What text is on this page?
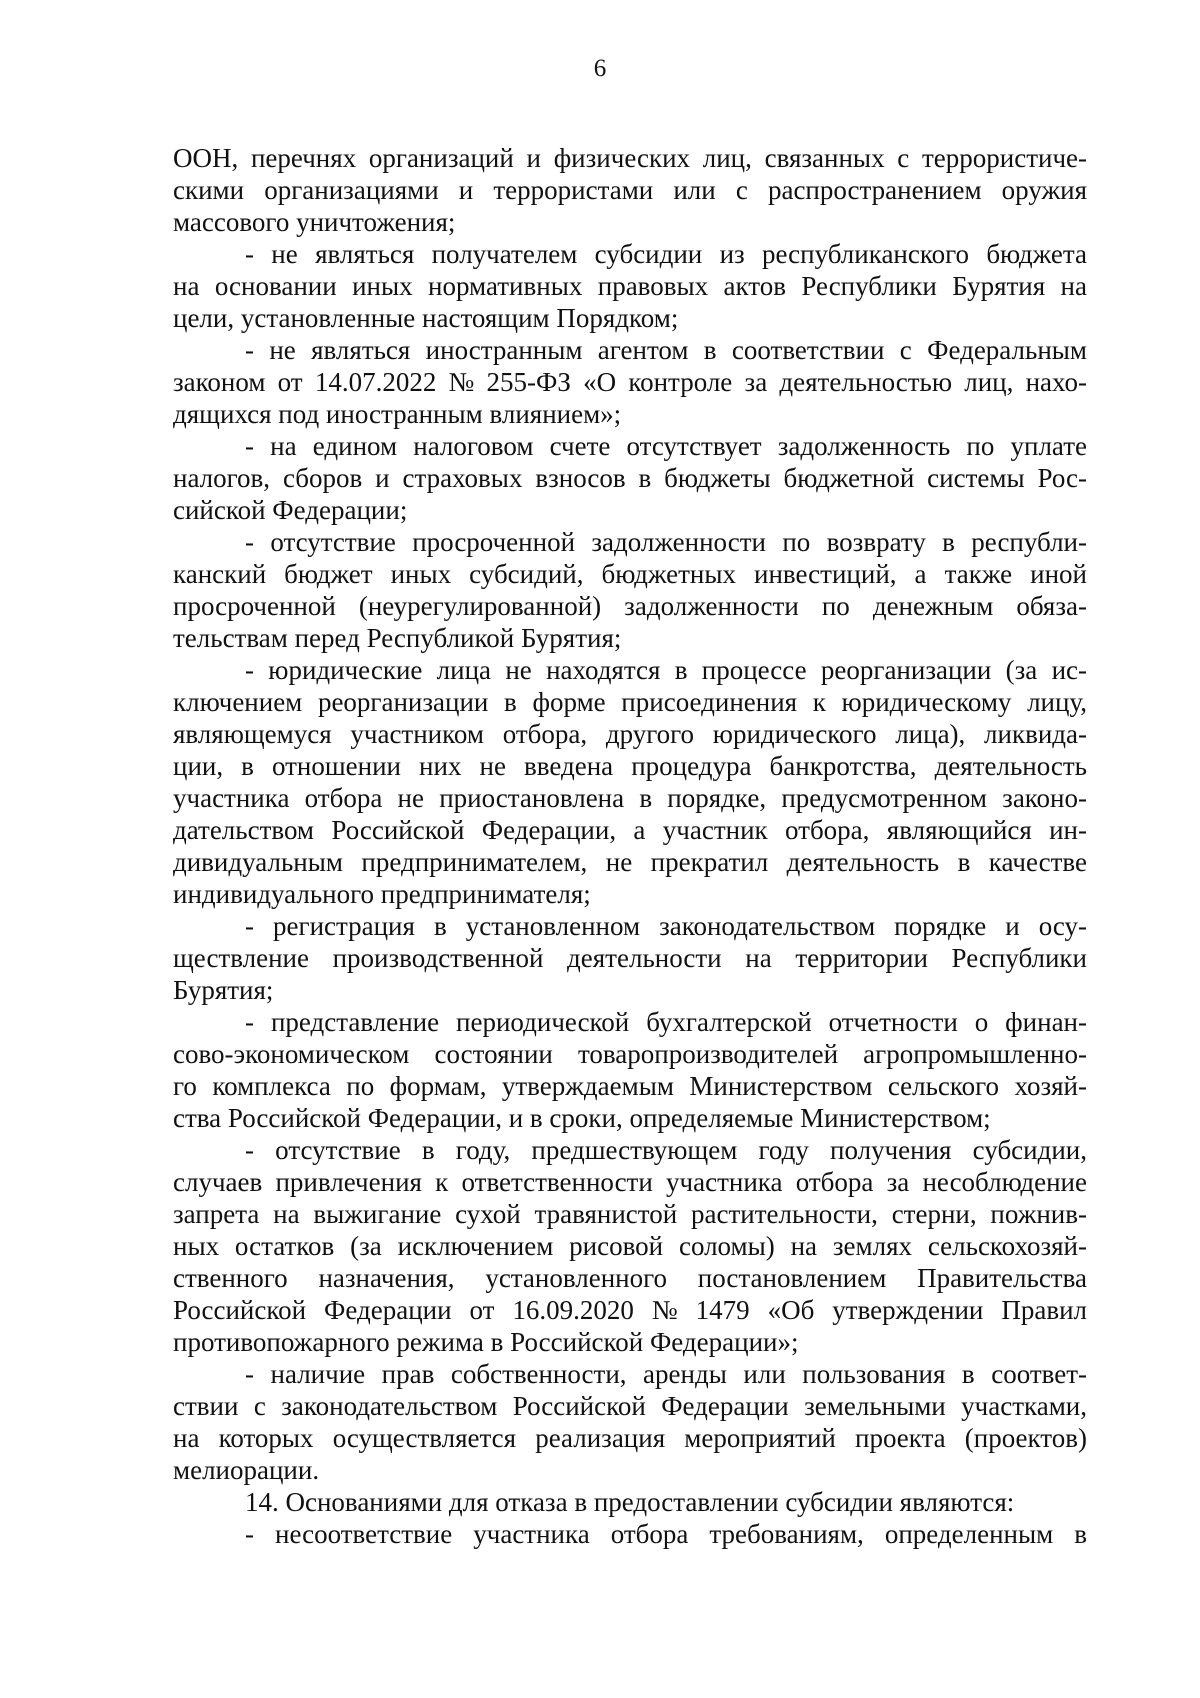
6
ООН, перечнях организаций и физических лиц, связанных с террористиче-
скими организациями и террористами или с распространением оружия
массового уничтожения;
- не являться получателем субсидии из республиканского бюджета
на основании иных нормативных правовых актов Республики Бурятия на
цели, установленные настоящим Порядком;
- не являться иностранным агентом в соответствии с Федеральным
законом от 14.07.2022 № 255-ФЗ «О контроле за деятельностью лиц, нахо-
дящихся под иностранным влиянием»;
- на едином налоговом счете отсутствует задолженность по уплате
налогов, сборов и страховых взносов в бюджеты бюджетной системы Рос-
сийской Федерации;
- отсутствие просроченной задолженности по возврату в республи-
канский бюджет иных субсидий, бюджетных инвестиций, а также иной
просроченной (неурегулированной) задолженности по денежным обяза-
тельствам перед Республикой Бурятия;
- юридические лица не находятся в процессе реорганизации (за ис-
ключением реорганизации в форме присоединения к юридическому лицу,
являющемуся участником отбора, другого юридического лица), ликвида-
ции, в отношении них не введена процедура банкротства, деятельность
участника отбора не приостановлена в порядке, предусмотренном законо-
дательством Российской Федерации, а участник отбора, являющийся ин-
дивидуальным предпринимателем, не прекратил деятельность в качестве
индивидуального предпринимателя;
- регистрация в установленном законодательством порядке и осу-
ществление производственной деятельности на территории Республики
Бурятия;
- представление периодической бухгалтерской отчетности о финан-
сово-экономическом состоянии товаропроизводителей агропромышленно-
го комплекса по формам, утверждаемым Министерством сельского хозяй-
ства Российской Федерации, и в сроки, определяемые Министерством;
- отсутствие в году, предшествующем году получения субсидии,
случаев привлечения к ответственности участника отбора за несоблюдение
запрета на выжигание сухой травянистой растительности, стерни, пожнив-
ных остатков (за исключением рисовой соломы) на землях сельскохозяй-
ственного назначения, установленного постановлением Правительства
Российской Федерации от 16.09.2020 № 1479 «Об утверждении Правил
противопожарного режима в Российской Федерации»;
- наличие прав собственности, аренды или пользования в соответ-
ствии с законодательством Российской Федерации земельными участками,
на которых осуществляется реализация мероприятий проекта (проектов)
мелиорации.
14. Основаниями для отказа в предоставлении субсидии являются:
- несоответствие участника отбора требованиям, определенным в
